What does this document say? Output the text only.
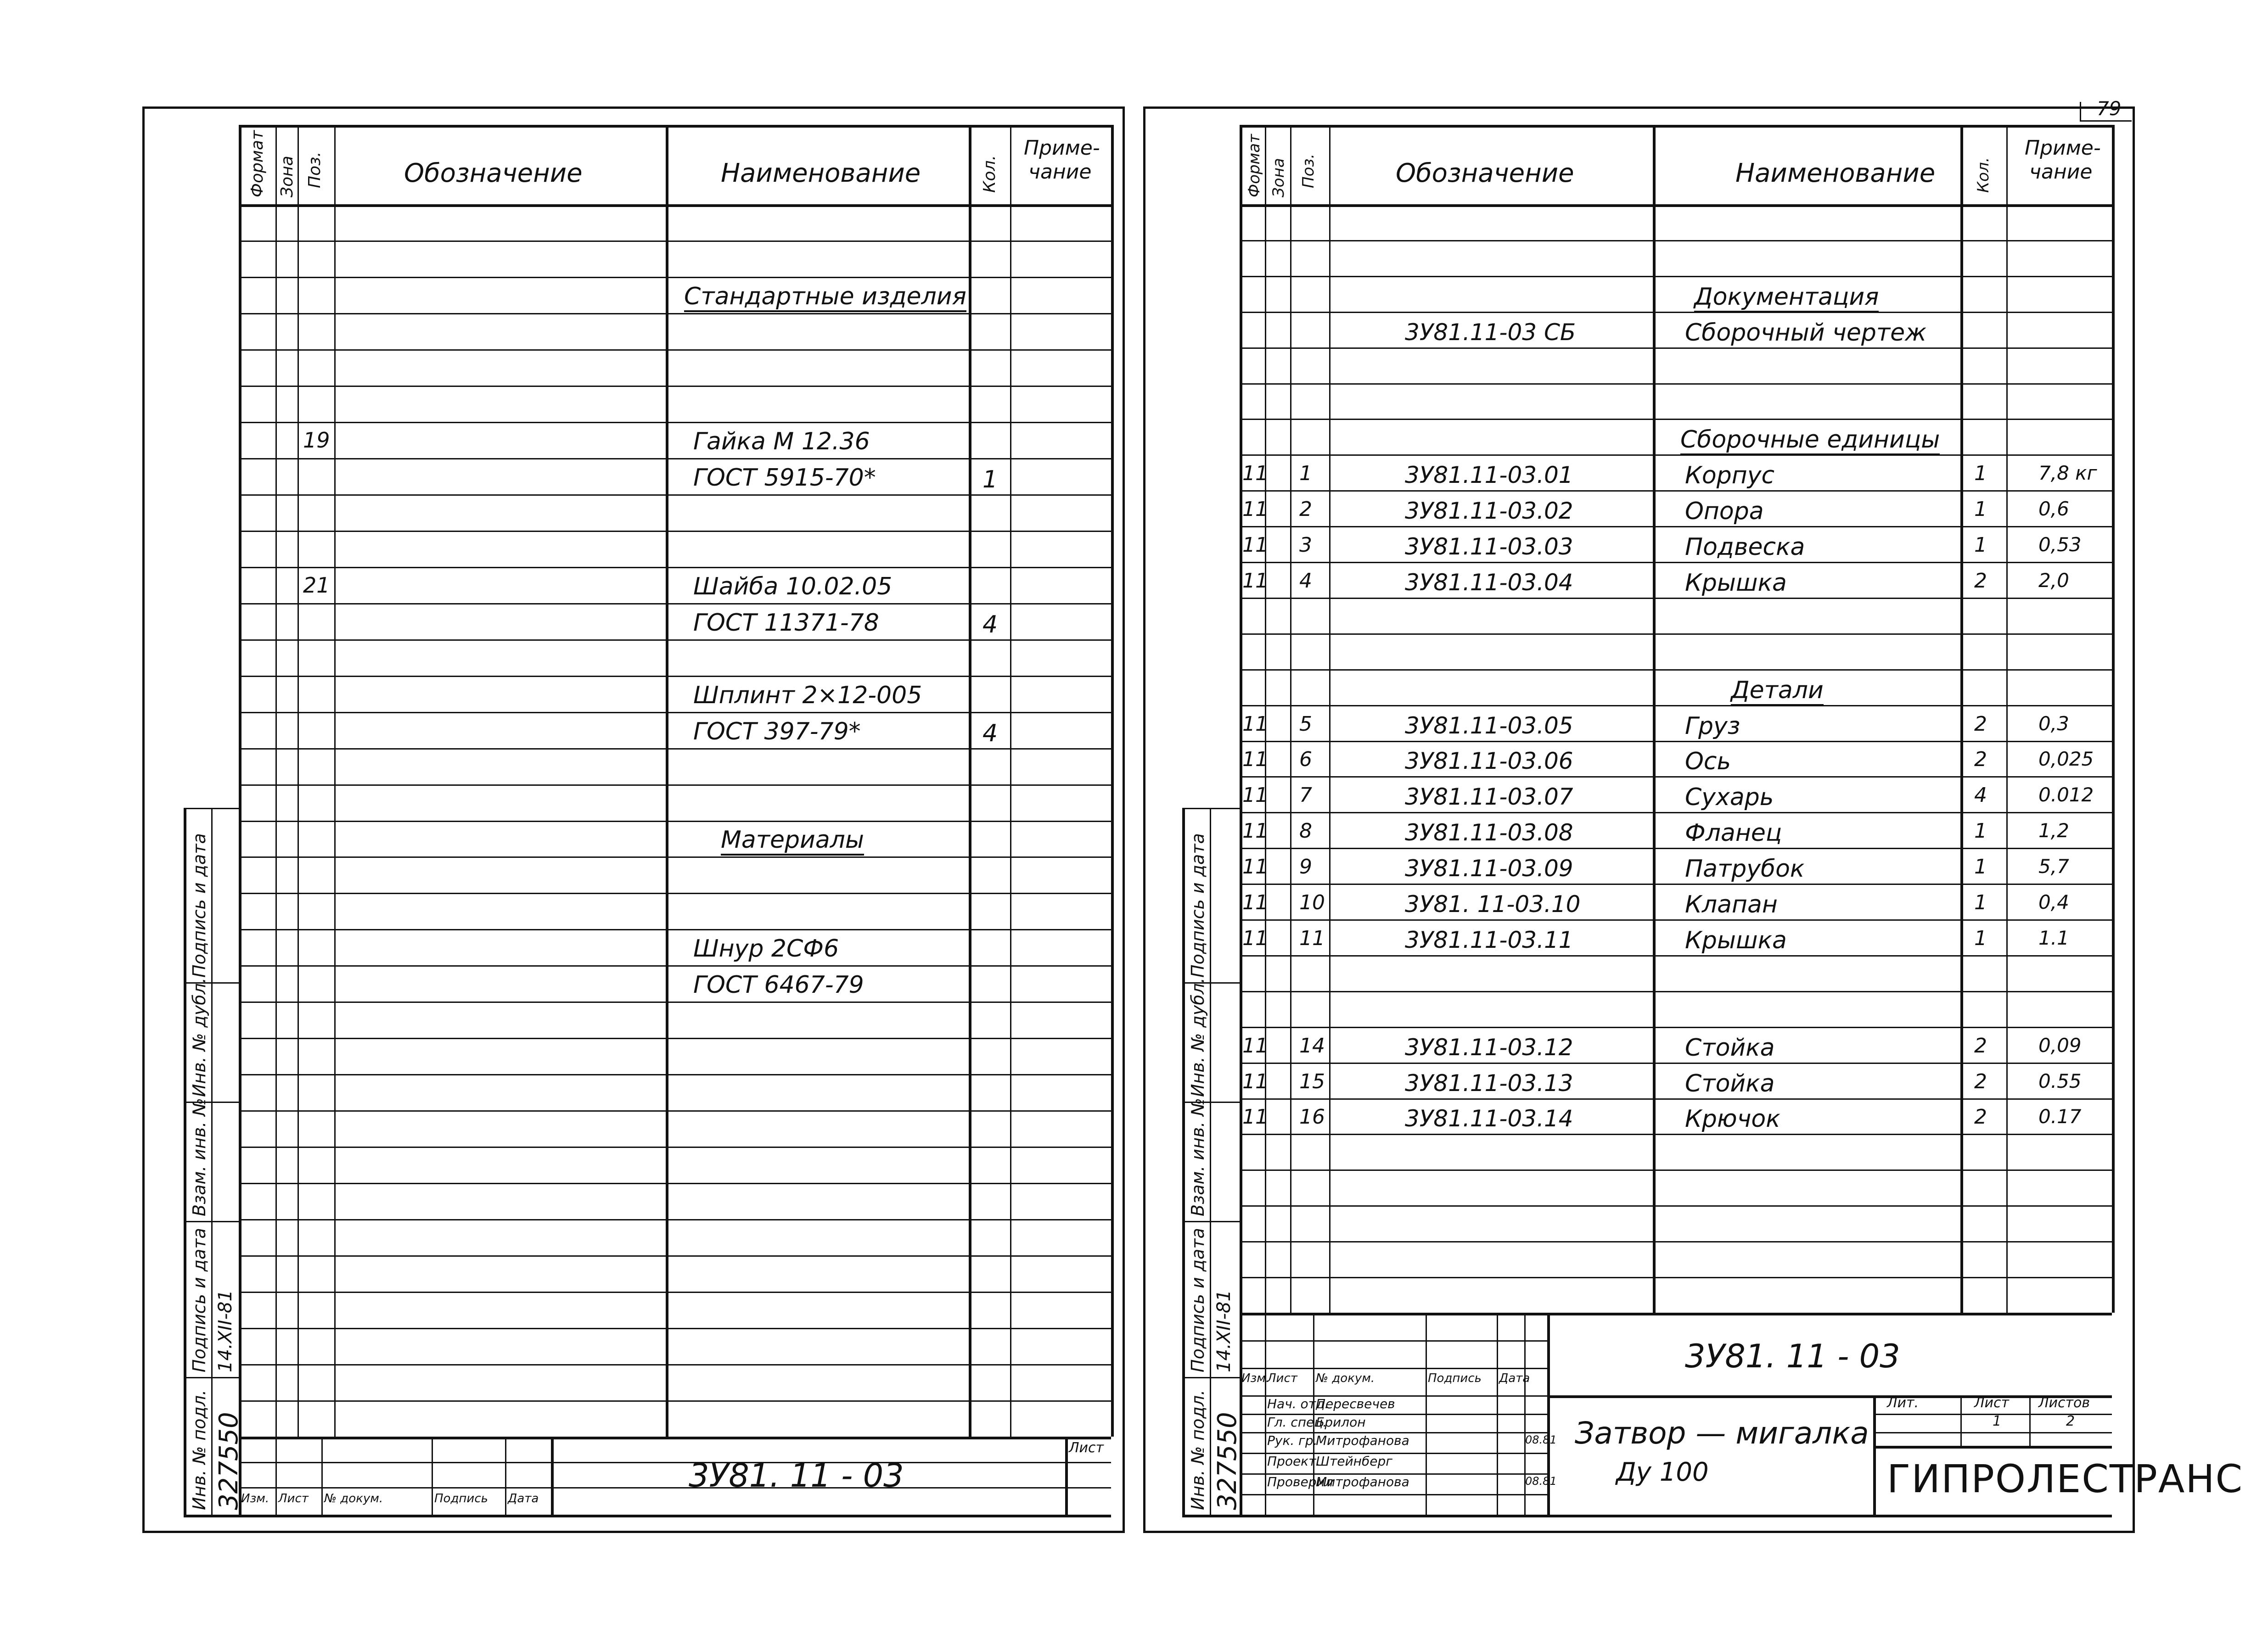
79
Формат Зона Поз.	Обозначение	Наименование	Кол.
Приме-
чание
Стандартные изделия
19	Гайка М 12.36
ГОСТ 5915-70*	1
21	Шайба 10.02.05
ГОСТ 11371-78	4
Шплинт 2×12-005
ГОСТ 397-79*	4
Материалы
Шнур 2СФ6
ГОСТ 6467-79
3У81. 11 - 03
Лист
Изм. Лист № докум.	Подпись Дата
Инв. № подл.
Подпись и дата
Взам. инв. №
Инв. № дубл.
Подпись и дата
327550
14.XII-81
Формат Зона Поз.	Обозначение	Наименование Кол.
Приме-
чание
Документация
3У81.11-03 СБ	Сборочный чертеж
Сборочные единицы
11 1	3У81.11-03.01	Корпус	1	7,8 кг
11 2	3У81.11-03.02	Опора	1	0,6
11 3	3У81.11-03.03	Подвеска	1	0,53
11 4	3У81.11-03.04	Крышка	2	2,0
Детали
11 5	3У81.11-03.05	Груз	2	0,3
11 6	3У81.11-03.06	Ось	2	0,025
11 7	3У81.11-03.07	Сухарь	4	0.012
11 8	3У81.11-03.08	Фланец	1	1,2
11 9	3У81.11-03.09	Патрубок	1	5,7
11 10	3У81. 11-03.10	Клапан	1	0,4
11 11	3У81.11-03.11	Крышка	1	1.1
11 14	3У81.11-03.12	Стойка	2	0,09
11 15	3У81.11-03.13	Стойка	2	0.55
11 16	3У81.11-03.14	Крючок	2	0.17
3У81. 11 - 03
Затвор — мигалка
Ду 100
Лит.	Лист Листов
1	2
ГИПРОЛЕСТРАНС
Изм.
Лист № докум.	Подпись Дата
Нач. отд.
Пересвечев
Гл. спец.
Брилон
Рук. гр.
Митрофанова	08.81
Проект.
Штейнберг
Проверил
Митрофанова	08.81
Инв. № подл.
Подпись и дата
Взам. инв. №
Инв. № дубл.
Подпись и дата
327550
14.XII-81
